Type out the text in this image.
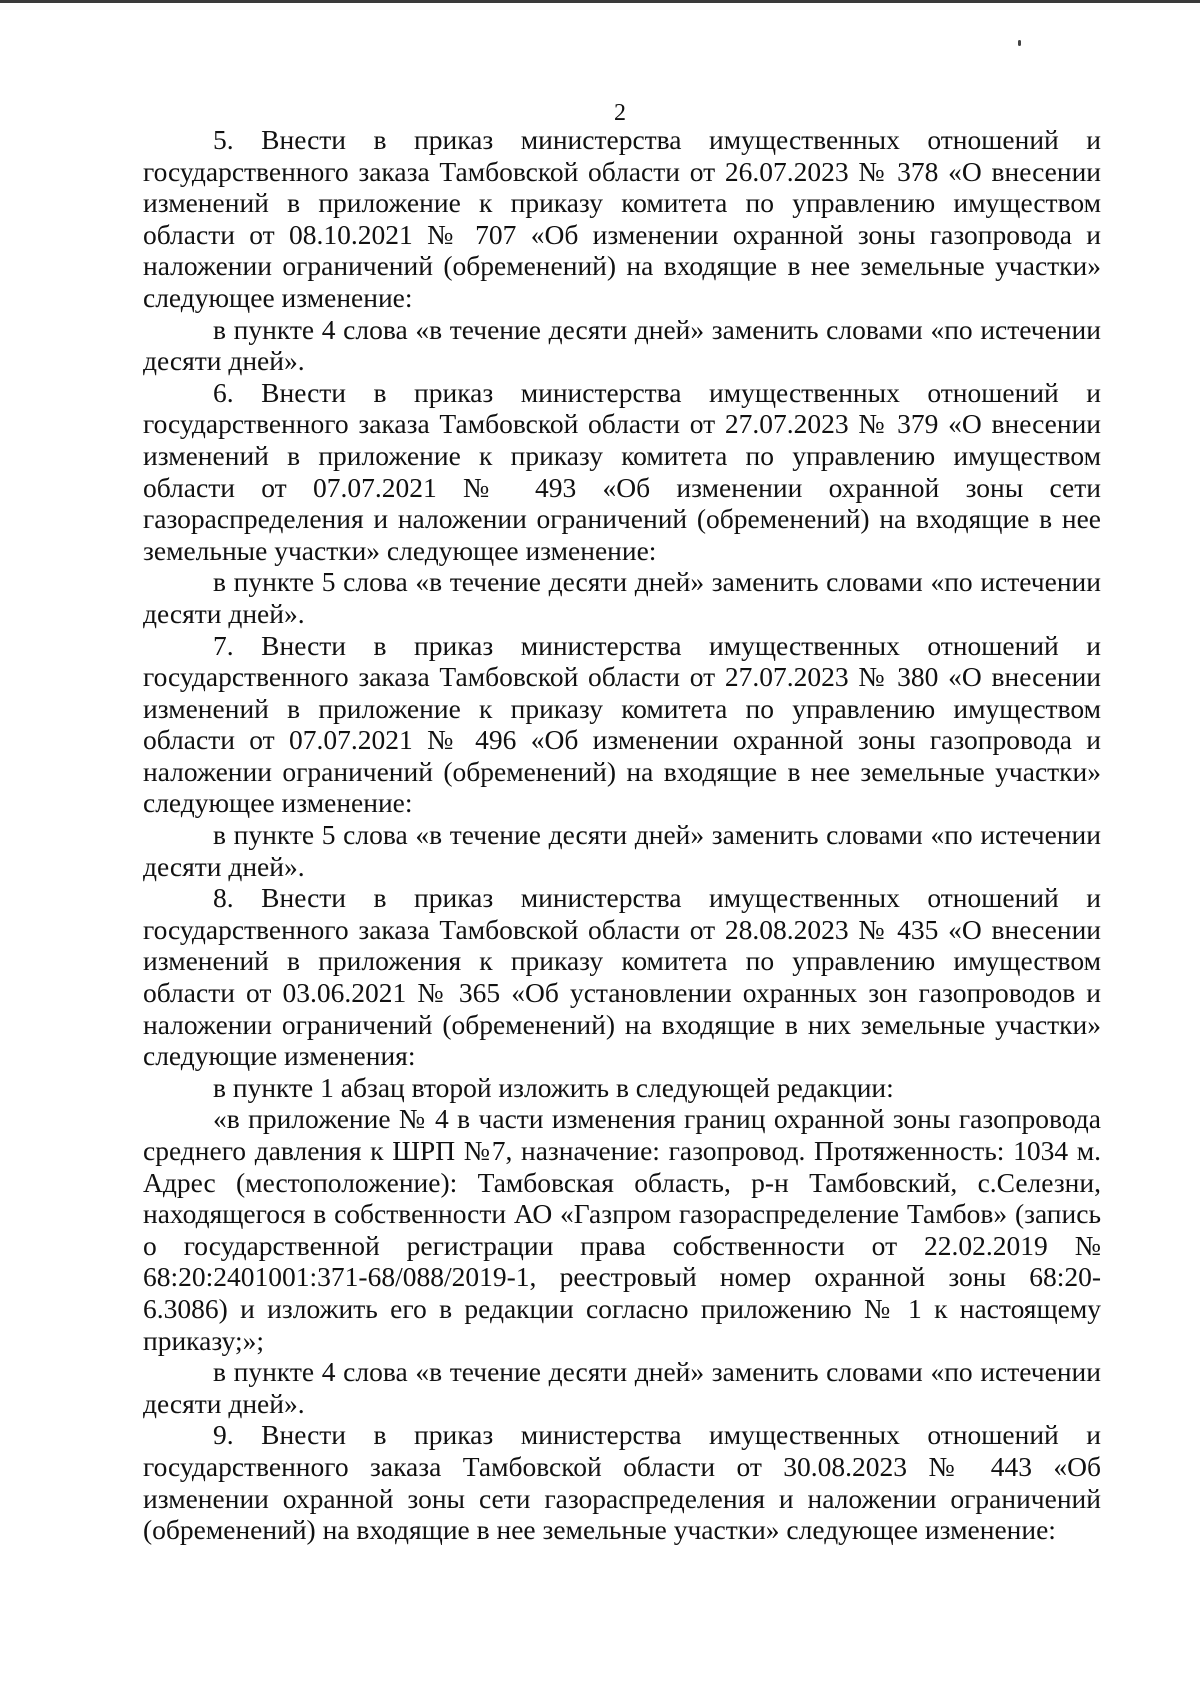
2

5. Внести в приказ министерства имущественных отношений и государственного заказа Тамбовской области от 26.07.2023 № 378 «О внесении изменений в приложение к приказу комитета по управлению имуществом области от 08.10.2021 № 707 «Об изменении охранной зоны газопровода и наложении ограничений (обременений) на входящие в нее земельные участки» следующее изменение:

в пункте 4 слова «в течение десяти дней» заменить словами «по истечении десяти дней».

6. Внести в приказ министерства имущественных отношений и государственного заказа Тамбовской области от 27.07.2023 № 379 «О внесении изменений в приложение к приказу комитета по управлению имуществом области от 07.07.2021 № 493 «Об изменении охранной зоны сети газораспределения и наложении ограничений (обременений) на входящие в нее земельные участки» следующее изменение:

в пункте 5 слова «в течение десяти дней» заменить словами «по истечении десяти дней».

7. Внести в приказ министерства имущественных отношений и государственного заказа Тамбовской области от 27.07.2023 № 380 «О внесении изменений в приложение к приказу комитета по управлению имуществом области от 07.07.2021 № 496 «Об изменении охранной зоны газопровода и наложении ограничений (обременений) на входящие в нее земельные участки» следующее изменение:

в пункте 5 слова «в течение десяти дней» заменить словами «по истечении десяти дней».

8. Внести в приказ министерства имущественных отношений и государственного заказа Тамбовской области от 28.08.2023 № 435 «О внесении изменений в приложения к приказу комитета по управлению имуществом области от 03.06.2021 № 365 «Об установлении охранных зон газопроводов и наложении ограничений (обременений) на входящие в них земельные участки» следующие изменения:

в пункте 1 абзац второй изложить в следующей редакции:

«в приложение № 4 в части изменения границ охранной зоны газопровода среднего давления к ШРП №7, назначение: газопровод. Протяженность: 1034 м. Адрес (местоположение): Тамбовская область, р-н Тамбовский, с.Селезни, находящегося в собственности АО «Газпром газораспределение Тамбов» (запись о государственной регистрации права собственности от 22.02.2019 № 68:20:2401001:371-68/088/2019-1, реестровый номер охранной зоны 68:20-6.3086) и изложить его в редакции согласно приложению № 1 к настоящему приказу;»;

в пункте 4 слова «в течение десяти дней» заменить словами «по истечении десяти дней».

9. Внести в приказ министерства имущественных отношений и государственного заказа Тамбовской области от 30.08.2023 № 443 «Об изменении охранной зоны сети газораспределения и наложении ограничений (обременений) на входящие в нее земельные участки» следующее изменение:
